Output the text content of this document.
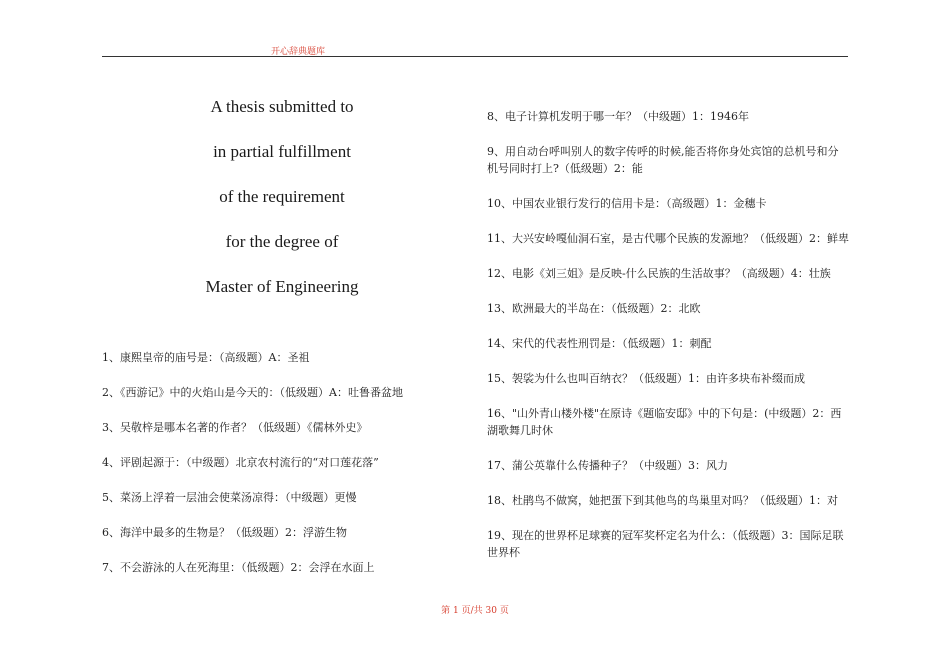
开心辞典题库
A thesis submitted to
in partial fulfillment
of the requirement
for the degree of
Master of Engineering
1、康熙皇帝的庙号是：（高级题）A：圣祖
2、《西游记》中的火焰山是今天的：（低级题）A：吐鲁番盆地
3、吴敬梓是哪本名著的作者？（低级题）《儒林外史》
4、评剧起源于：（中级题）北京农村流行的“对口莲花落”
5、菜汤上浮着一层油会使菜汤凉得：（中级题）更慢
6、海洋中最多的生物是？（低级题）2：浮游生物
7、不会游泳的人在死海里：（低级题）2：会浮在水面上
8、电子计算机发明于哪一年？（中级题）1：1946年
9、用自动台呼叫别人的数字传呼的时候,能否将你身处宾馆的总机号和分机号同时打上?（低级题）2：能
10、中国农业银行发行的信用卡是：（高级题）1：金穗卡
11、大兴安岭嘎仙洞石室，是古代哪个民族的发源地？（低级题）2：鲜卑
12、电影《刘三姐》是反映-什么民族的生活故事？（高级题）4：壮族
13、欧洲最大的半岛在：（低级题）2：北欧
14、宋代的代表性刑罚是：（低级题）1：刺配
15、袈裟为什么也叫百纳衣？（低级题）1：由许多块布补缀而成
16、"山外青山楼外楼"在原诗《题临安邸》中的下句是：(中级题）2：西湖歌舞几时休
17、蒲公英靠什么传播种子？（中级题）3：风力
18、杜鹃鸟不做窝，她把蛋下到其他鸟的鸟巢里对吗？（低级题）1：对
19、现在的世界杯足球赛的冠军奖杯定名为什么：（低级题）3：国际足联世界杯
第 1 页/共 30 页
